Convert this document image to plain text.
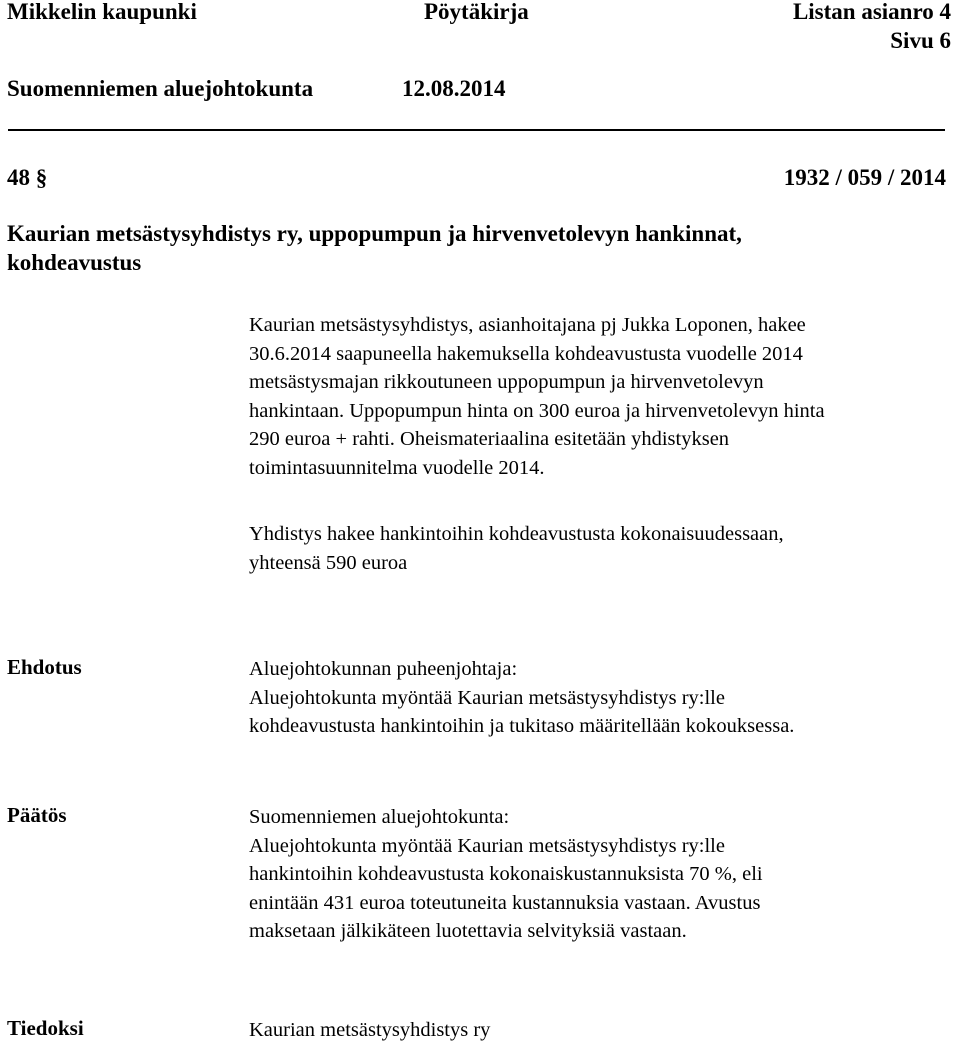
Mikkelin kaupunki	Pöytäkirja	Listan asianro 4
Sivu 6
Suomenniemen aluejohtokunta	12.08.2014
48 §	1932 / 059 / 2014
Kaurian metsästysyhdistys ry, uppopumpun ja hirvenvetolevyn hankinnat,
kohdeavustus
Kaurian metsästysyhdistys, asianhoitajana pj Jukka Loponen, hakee
30.6.2014 saapuneella hakemuksella kohdeavustusta vuodelle 2014
metsästysmajan rikkoutuneen uppopumpun ja hirvenvetolevyn
hankintaan. Uppopumpun hinta on 300 euroa ja hirvenvetolevyn hinta
290 euroa + rahti. Oheismateriaalina esitetään yhdistyksen
toimintasuunnitelma vuodelle 2014.
Yhdistys hakee hankintoihin kohdeavustusta kokonaisuudessaan,
yhteensä 590 euroa
Ehdotus	Aluejohtokunnan puheenjohtaja:
Aluejohtokunta myöntää Kaurian metsästysyhdistys ry:lle
kohdeavustusta hankintoihin ja tukitaso määritellään kokouksessa.
Päätös	Suomenniemen aluejohtokunta:
Aluejohtokunta myöntää Kaurian metsästysyhdistys ry:lle
hankintoihin kohdeavustusta kokonaiskustannuksista 70 %, eli
enintään 431 euroa toteutuneita kustannuksia vastaan. Avustus
maksetaan jälkikäteen luotettavia selvityksiä vastaan.
Tiedoksi	Kaurian metsästysyhdistys ry
